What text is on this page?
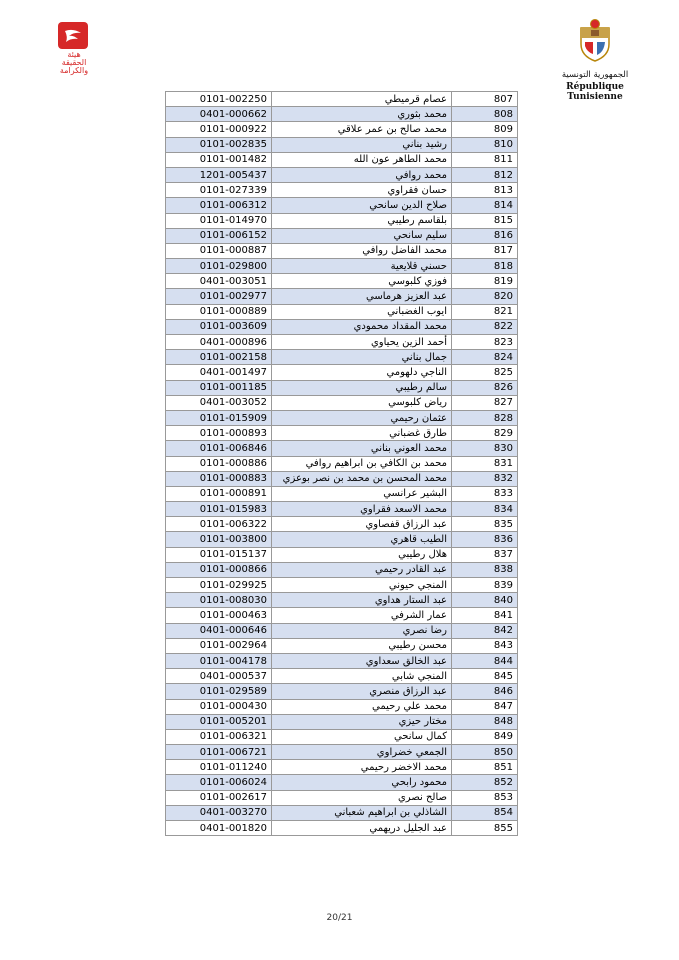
هيئة
الحقيقة
والكرامة	الجمهورية التونسية
République Tunisienne
0101-002250	عصام قرميطي	807
0401-000662	محمد بثوري	808
0101-000922	محمد صالح بن عمر علاقي	809
0101-002835	رشيد بناني	810
0101-001482	محمد الطاهر عون الله	811
1201-005437	محمد روافي	812
0101-027339	حسان فقراوي	813
0101-006312	صلاح الدين سانحي	814
0101-014970	بلقاسم رطيبي	815
0101-006152	سليم سانحي	816
0101-000887	محمد الفاضل روافي	817
0101-029800	حسني قلايعية	818
0401-003051	فوزي كلبوسي	819
0101-002977	عبد العزيز هرماسي	820
0101-000889	ايوب الغضباني	821
0101-003609	محمد المقداد محمودي	822
0401-000896	أحمد الزين يحياوي	823
0101-002158	جمال بناني	824
0401-001497	الناجي دلهومي	825
0101-001185	سالم رطيبي	826
0401-003052	رياض كلبوسي	827
0101-015909	عثمان رحيمي	828
0101-000893	طارق غضباني	829
0101-006846	محمد العوني بناني	830
0101-000886	محمد بن الكافي بن ابراهيم روافي	831
0101-000883	محمد المحسن بن محمد بن نصر بوعزي	832
0101-000891	البشير عرانسي	833
0101-015983	محمد الاسعد فقراوي	834
0101-006322	عبد الرزاق قفصاوي	835
0101-003800	الطيب قاهري	836
0101-015137	هلال رطيبي	837
0101-000866	عبد القادر رحيمي	838
0101-029925	المنجي حيوني	839
0101-008030	عبد الستار هداوي	840
0101-000463	عمار الشرفي	841
0401-000646	رضا نصري	842
0101-002964	محسن رطيبي	843
0101-004178	عبد الخالق سعداوي	844
0401-000537	المنجي شابي	845
0101-029589	عبد الرزاق منصري	846
0101-000430	محمد علي رحيمي	847
0101-005201	مختار حيزي	848
0101-006321	كمال سانحي	849
0101-006721	الجمعي خضراوي	850
0101-011240	محمد الاخضر رحيمي	851
0101-006024	محمود رابحي	852
0101-002617	صالح نصري	853
0401-003270	الشاذلي بن ابراهيم شعباني	854
0401-001820	عبد الجليل دريهمي	855
20/21
